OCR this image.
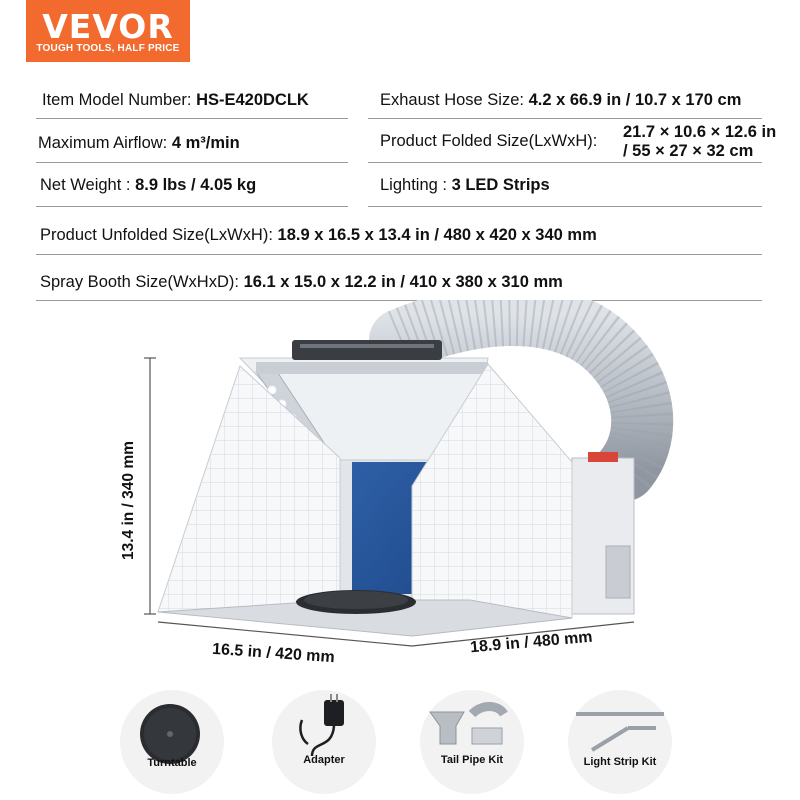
VEVOR
TOUGH TOOLS, HALF PRICE
Item Model Number: HS-E420DCLK	Exhaust Hose Size: 4.2 x 66.9 in / 10.7 x 170 cm
Maximum Airflow: 4 m³/min	Product Folded Size(LxWxH): 21.7 × 10.6 × 12.6 in
/ 55 × 27 × 32 cm
Net Weight : 8.9 lbs / 4.05 kg	Lighting : 3 LED Strips
Product Unfolded Size(LxWxH): 18.9 x 16.5 x 13.4 in / 480 x 420 x 340 mm
Spray Booth Size(WxHxD): 16.1 x 15.0 x 12.2 in / 410 x 380 x 310 mm
13.4 in / 340 mm
16.5 in / 420 mm	18.9 in / 480 mm
Turntable	Adapter	Tail Pipe Kit	Light Strip Kit
